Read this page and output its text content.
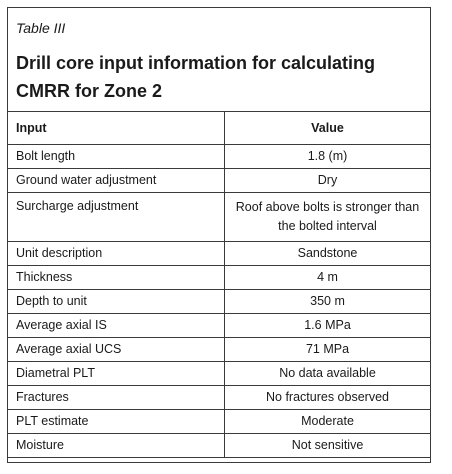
Table III
Drill core input information for calculating CMRR for Zone 2
Input	Value
Bolt length	1.8 (m)
Ground water adjustment	Dry
Surcharge adjustment	Roof above bolts is stronger than the bolted interval
Unit description	Sandstone
Thickness	4 m
Depth to unit	350 m
Average axial IS	1.6 MPa
Average axial UCS	71 MPa
Diametral PLT	No data available
Fractures	No fractures observed
PLT estimate	Moderate
Moisture	Not sensitive
